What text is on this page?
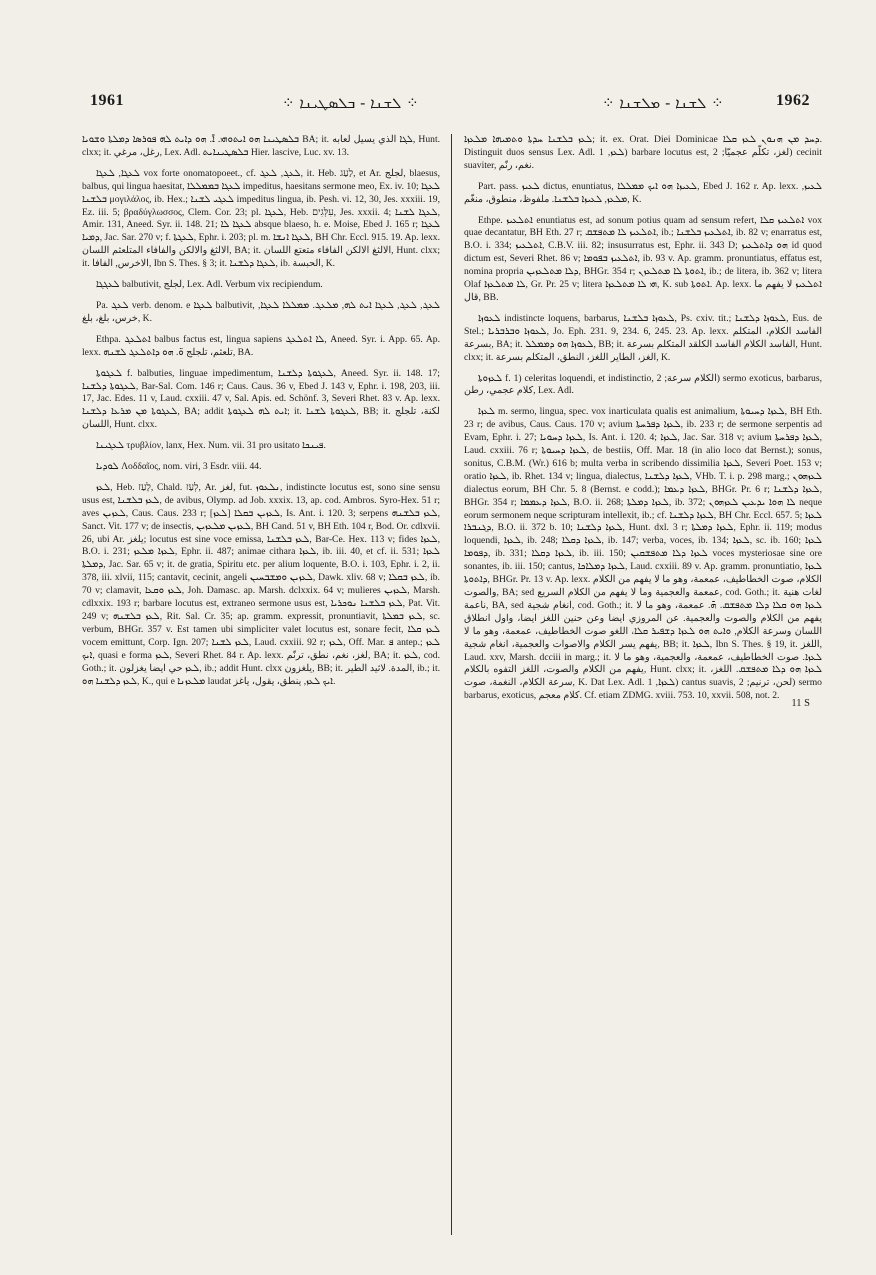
1961	⁘ ܠܫܢܐ - ܒܠܣܛܝܢܐ ⁘	⁘ ܠܫܢܐ - ܡܠܫܢܐ ⁘	1962

ܒܠܣܛܝܢܐ ܗܘ ܐܝܬܘܗܝ. ܐ̄. ܗܘ ܕܐܝܬ ܠܗ ܦܘܪܣܐ ܕܡܠܬܐ ܘܫܘܝܐ BA; it. ܠܓܐ الذي يسيل لعابه, Hunt. clxx; it. رغل، مرغي, Lex. Adl. ܒܠܣܛܝܢܐܝܬ Hier. lascive, Luc. xv. 13.

ܠܥܓܐ, ܠܥܓܐ vox forte onomatopoeet., cf. ܠܥܓ, ܠܥܓ, it. Heb. לַעַג, et Ar. لجلج, blaesus, balbus, qui lingua haesitat, ܠܥܓܐ ܒܡܡܠܠܐ impeditus, haesitans sermone meo, Ex. iv. 10; ܠܥܓܐ ܒܠܫܢܐ μογιλάλος, ib. Hex.; ܠܥܓܝ ܠܫܢܐ impeditus lingua, ib. Pesh. vi. 12, 30, Jes. xxxiii. 19, Ez. iii. 5; βραδύγλωσσος, Clem. Cor. 23; pl. ܠܥܓܐ, Heb. עִלְּגִים, Jes. xxxii. 4; ܠܥܓܐ ܠܫܢܐ, Amir. 131, Aneed. Syr. ii. 148. 21; ܠܥܓܐ ܠܐ absque blaeso, h. e. Moise, Ebed J. 165 r; ܠܥܓܐ ܕܡܝܐ, Jac. Sar. 270 v; f. ܠܥܓܬܐ, Ephr. i. 203; pl. m. ܠܥܓܐ ܐܢܫܐ, BH Chr. Eccl. 915. 19. Ap. lexx. الالثغ والالكن والفافاء المتلعثم اللسان, BA; it. الالثغ الالكن الفافاء متعتع اللسان, Hunt. clxx; it. الاخرس, الفافا, Ibn S. Thes. § 3; it. ܠܥܓܐ ܕܠܫܢܐ, ib. الحبسة, K.

ܠܥܓܓܐ balbutivit, لجلج, Lex. Adl. Verbum vix recipiendum.

Pa. ܠܥܓ verb. denom. e ܠܥܓܐ balbutivit, ܠܥܓ, ܠܥܓ, ܠܥܓܐ ܐܝܬ ܠܗ, ܡܠܥܓ. ܡܡܠܠܐ ܠܥܓܐ, خرس، بلغ، بلغ, K.

Ethpa. ܐܬܠܥܓ balbus factus est, lingua sapiens ܠܐ ܐܬܠܥܓ, Aneed. Syr. i. App. 65. Ap. lexx. تلعثم، تلجلج ܘ̈. ܗܘ ܕܐܬܠܥܓ ܠܫܢܗ, BA.

ܠܥܓܘܬܐ f. balbuties, linguae impedimentum, ܠܥܓܘܬܐ ܕܠܫܢܐ, Aneed. Syr. ii. 148. 17; ܠܥܓܘܬܐ ܕܠܫܢܐ, Bar-Sal. Com. 146 r; Caus. Caus. 36 v, Ebed J. 143 v, Ephr. i. 198, 203, iii. 17, Jac. Edes. 11 v, Laud. cxxiii. 47 v, Sal. Apis. ed. Schönf. 3, Severi Rhet. 83 v. Ap. lexx. ܠܥܓܘܬܐ ܡܢ ܡܪܥܐ ܕܠܫܢܐ, BA; addit ܐܝܬ ܠܗ ܠܥܓܘܬܐ; it. ܠܥܓܘܬܐ ܠܫܢܐ, BB; it. لكنة، تلجلج اللسان, Hunt. clxx.

ܠܥܓܝܢܐ τρυβλίον, lanx, Hex. Num. vii. 31 pro usitato ܦܝܢܟܐ.

ܠܘܕܝܐ Λοδδαῖος, nom. viri, 3 Esdr. viii. 44.

ܠܥܙ, Heb. לָעַז, Chald. לְעַז, Ar. لغز, fut. ܢܠܥܘܙ, indistincte locutus est, sono sine sensu usus est, ܠܥܙ ܒܠܫܢܐ, de avibus, Olymp. ad Job. xxxix. 13, ap. cod. Ambros. Syro-Hex. 51 r; aves ܠܥܙܝܢ, Caus. Caus. 233 r; [ܠܥܙ] ܠܥܙܝܢ ܒܩܠܐ, Is. Ant. i. 120. 3; serpens ܠܥܙ ܒܠܫܢܗ, Sanct. Vit. 177 v; de insectis, ܠܥܙܝܢ ܡܠܥܙܝܢ, BH Cand. 51 v, BH Eth. 104 r, Bod. Or. cdlxvii. 26, ubi Ar. يلغز; locutus est sine voce emissa, ܠܥܙ ܒܠܫܢܐ, Bar-Ce. Hex. 113 v; fides ܠܥܙܐ, B.O. i. 231; ܠܥܙܐ ܡܠܥܙ, Ephr. ii. 487; animae cithara ܠܥܙܐ, ib. iii. 40, et cf. ii. 531; ܠܥܙܐ ܕܡܠܬܐ, Jac. Sar. 65 v; it. de gratia, Spiritu etc. per alium loquente, B.O. i. 103, Ephr. i. 2, ii. 378, iii. xlvii, 115; cantavit, cecinit, angeli ܠܥܙܝܢ ܘܡܫܒܚܝܢ, Dawk. xliv. 68 v; ܠܥܙ ܒܩܠܐ, ib. 70 v; clamavit, ܠܥܙ ܘܩܥܐ, Joh. Damasc. ap. Marsh. dclxxix. 64 v; mulieres ܠܥܙܝܢ, Marsh. cdlxxix. 193 r; barbare locutus est, extraneo sermone usus est, ܠܥܙ ܒܠܫܢܐ ܢܘܟܪܝܐ, Pat. Vit. 249 v; ܠܥܙ ܒܠܫܢܗ, Rit. Sal. Cr. 35; ap. gramm. expressit, pronuntiavit, ܠܥܙ ܒܡܠܬܐ, sc. verbum, BHGr. 357 v. Est tamen ubi simpliciter valet locutus est, sonare fecit, ܠܥܙ ܩܠܐ vocem emittunt, Corp. Ign. 207; ܠܥܙ ܠܫܢܐ, Laud. cxxiii. 92 r; ܠܥܙ, Off. Mar. ܦ antep.; ܠܥܙ ܐܝܟ, quasi e forma ܠܥܙ, Severi Rhet. 84 r. Ap. lexx. لغز، نغم، نطق، ترنّم, BA; it. ܠܥܙ, cod. Goth.; it. ܠܥܙ حي ايضا يغزلون, ib.; addit Hunt. clxx يلغزون, BB; it. المدة. لاثيد الطير, ib.; it. ܠܥܙ ܕܠܫܢܐ ܗܘ, K., qui e ܡܠܥܙܢܐ laudat ܐܝܟ ܠܥܙ, ينطق، يقول، ياغز.

ܠܥܙ ܒܠܫܢܐ ܚܕܬܐ ܘܬܡܝܗܐ ܡܠܥܙܐ; it. ex. Orat. Diei Dominicae ܕܚܕ ܡܢ ܗܢܘܢ ܠܥܙ ܩܠܐ. Distinguit duos sensus Lex. Adl. ܠܥܙ, 1) barbare locutus est, لغز، تكلّم عجميّا; 2) cecinit suaviter, نغم، رنّم.

Part. pass. ܠܥܝܙ dictus, enuntiatus, ܠܥܝܙܐ ܗܘ ܐܝܟ ܡܡܠܠܐ, Ebed J. 162 r. Ap. lexx. ܠܥܝܙ, ܡܠܥܙ, ܠܥܝܙܐ ܒܠܫܢܐ. ملفوظ، منطوق، منغّم, K.

Ethpe. ܐܬܠܥܝܙ enuntiatus est, ad sonum potius quam ad sensum refert, ܐܬܠܥܝܙ ܩܠܐ vox quae decantatur, BH Eth. 27 r; ܐܬܠܥܝܙ ܠܐ ܡܬܦܫܩ, ib.; ܐܬܠܥܝܙ ܒܠܫܢܐ, ib. 82 v; enarratus est, B.O. i. 334; ܐܬܠܥܝܙ, C.B.V. iii. 82; insusurratus est, Ephr. ii. 343 D; ܗܘ ܕܐܬܠܥܝܙ id quod dictum est, Severi Rhet. 86 v; ܐܬܠܥܝܙ ܒܦܘܡܐ, ib. 93 v. Ap. gramm. pronuntiatus, effatus est, nomina propria ܕܠܐ ܡܬܠܥܙܝܢ, BHGr. 354 r; ܐܬܘܬܐ ܠܐ ܡܬܠܥܙܢ, ib.; de litera, ib. 362 v; litera Olaf ܠܐ ܡܬܠܥܙܐ, Gr. Pr. 25 v; litera ܗܝ ܠܐ ܡܬܠܥܙܐ, K. sub ܐܬܘܬܐ. Ap. lexx. ܐܬܠܥܝܙ لا يفهم ما قال, BB.

ܠܥܘܙܐ indistincte loquens, barbarus, ܠܥܘܙܐ ܒܠܫܢܐ, Ps. cxiv. tit.; ܠܥܘܙܐ ܕܠܫܢܐ, Eus. de Stel.; ܠܥܘܙܐ ܘܒܪܒܪܝܐ, Jo. Eph. 231. 9, 234. 6, 245. 23. Ap. lexx. الفاسد الكلام، المتكلم بسرعة, BA; it. ܠܥܘܙܐ ܗܘ ܕܡܡܠܠ, BB; it. الفاسد الكلام الفاسد الكلقد المتكلم بسرعة, Hunt. clxx; it. الغز، الطاير اللغز، النطق، المتكلم بسرعة, K.

ܠܥܙܘܬܐ f. 1) celeritas loquendi, et indistinctio, الكلام سرعة; 2) sermo exoticus, barbarus, كلام عجمي، رطن, Lex. Adl.

ܠܥܙܐ m. sermo, lingua, spec. vox inarticulata qualis est animalium, ܠܥܙܐ ܕܚܝܘܬܐ, BH Eth. 23 r; de avibus, Caus. Caus. 170 v; avium ܠܥܙܐ ܕܦܪܚܬܐ, ib. 233 r; de sermone serpentis ad Evam, Ephr. i. 27; ܠܥܙܐ ܕܚܘܝܐ, Is. Ant. i. 120. 4; ܠܥܙܐ, Jac. Sar. 318 v; avium ܠܥܙܐ ܕܦܪܚܬܐ, Laud. cxxiii. 76 r; ܠܥܙܐ ܕܚܝܘܬܐ, de bestiis, Off. Mar. 18 (in alio loco dat Bernst.); sonus, sonitus, C.B.M. (Wr.) 616 b; multa verba in scribendo dissimilia ܠܥܙܐ, Severi Poet. 153 v; oratio ܠܥܙܐ, ib. Rhet. 134 v; lingua, dialectus, ܠܥܙܐ ܕܠܫܢܐ, VHb. T. i. p. 298 marg.; ܠܥܙܗܘܢ dialectus eorum, BH Chr. 5. 8 (Bernst. e codd.); ܠܥܙܐ ܕܥܡܐ, BHGr. Pr. 6 r; ܠܥܙܐ ܕܠܫܢܐ, BHGr. 354 r; ܠܥܙܐ ܕܥܡܡܐ, B.O. ii. 268; ܠܥܙܐ ܕܡܠܬܐ, ib. 372; ܠܐ ܗܘܐ ܝܕܥܝܢ ܠܥܙܗܘܢ neque eorum sermonem neque scripturam intellexit, ib.; cf. ܠܥܙܐ ܕܠܫܢܐ, BH Chr. Eccl. 657. 5; ܠܥܙܐ ܕܓܢܒܪܐ, B.O. ii. 372 b. 10; ܠܥܙܐ ܕܠܫܢܐ, Hunt. dxl. 3 r; ܠܥܙܐ ܕܡܠܬܐ, Ephr. ii. 119; modus loquendi, ܠܥܙܐ, ib. 248; ܠܥܙܐ ܕܩܠܐ, ib. 147; verba, voces, ib. 134; ܠܥܙܐ, sc. ib. 160; ܠܥܙܐ ܕܦܘܡܐ, ib. 331; ܠܥܙܐ ܕܩܠܐ, ib. iii. 150; ܠܥܙܐ ܕܠܐ ܡܬܦܫܩܝܢ voces mysteriosae sine ore sonantes, ib. iii. 150; cantus, ܠܥܙܐ ܕܡܠܐܟܐ, Laud. cxxiii. 89 v. Ap. gramm. pronuntiatio, ܠܥܙܐ ܕܐܬܘܬܐ, BHGr. Pr. 13 v. Ap. lexx. الكلام، صوت الخطاطيف، عمعمة، وهو ما لا يفهم من الكلام والصوت, BA; sed عمعمة والعجمية وما لا يفهم من الكلام السريع, cod. Goth.; it. لغات هنية ناعمة, BA, sed انغام شجية, cod. Goth.; it. ܠܥܙܐ ܗܘ ܩܠܐ ܕܠܐ ܡܬܦܫܩ. ܗ̄. عمعمة، وهو ما لا يفهم من الكلام والصوت والعجمية. عن المروزي ايضا وعن حنين اللغز ايضا، واول انطلاق اللسان وسرعة الكلام, ܘܐܝܬ ܗܘ ܠܥܙܐ ܕܫܦܝܪ ܩܠܐ، اللغو صوت الخطاطيف، عمعمة، وهو ما لا يفهم يسر الكلام والاصوات والعجمية، انغام شجية, BB; it. ܠܥܙܐ, Ibn S. Thes. § 19, it. اللغز, Laud. xxv, Marsh. dcciii in marg.; it. ܠܥܙܐ. صوت الخطاطيف، عمعمة، والعجمية، وهو ما لا يفهم من الكلام والصوت، اللغز التفوه بالكلام, Hunt. clxx; it. ܠܥܙܐ ܗܘ ܕܠܐ ܡܬܦܫܩ. اللغز، سرعة الكلام، النغمة، صوت, K. Dat Lex. Adl. ܠܥܙܐ, 1) cantus suavis, لحن، ترنيم; 2) sermo barbarus, exoticus, كلام معجم. Cf. etiam ZDMG. xviii. 753. 10, xxvii. 508, not. 2.

11 S
